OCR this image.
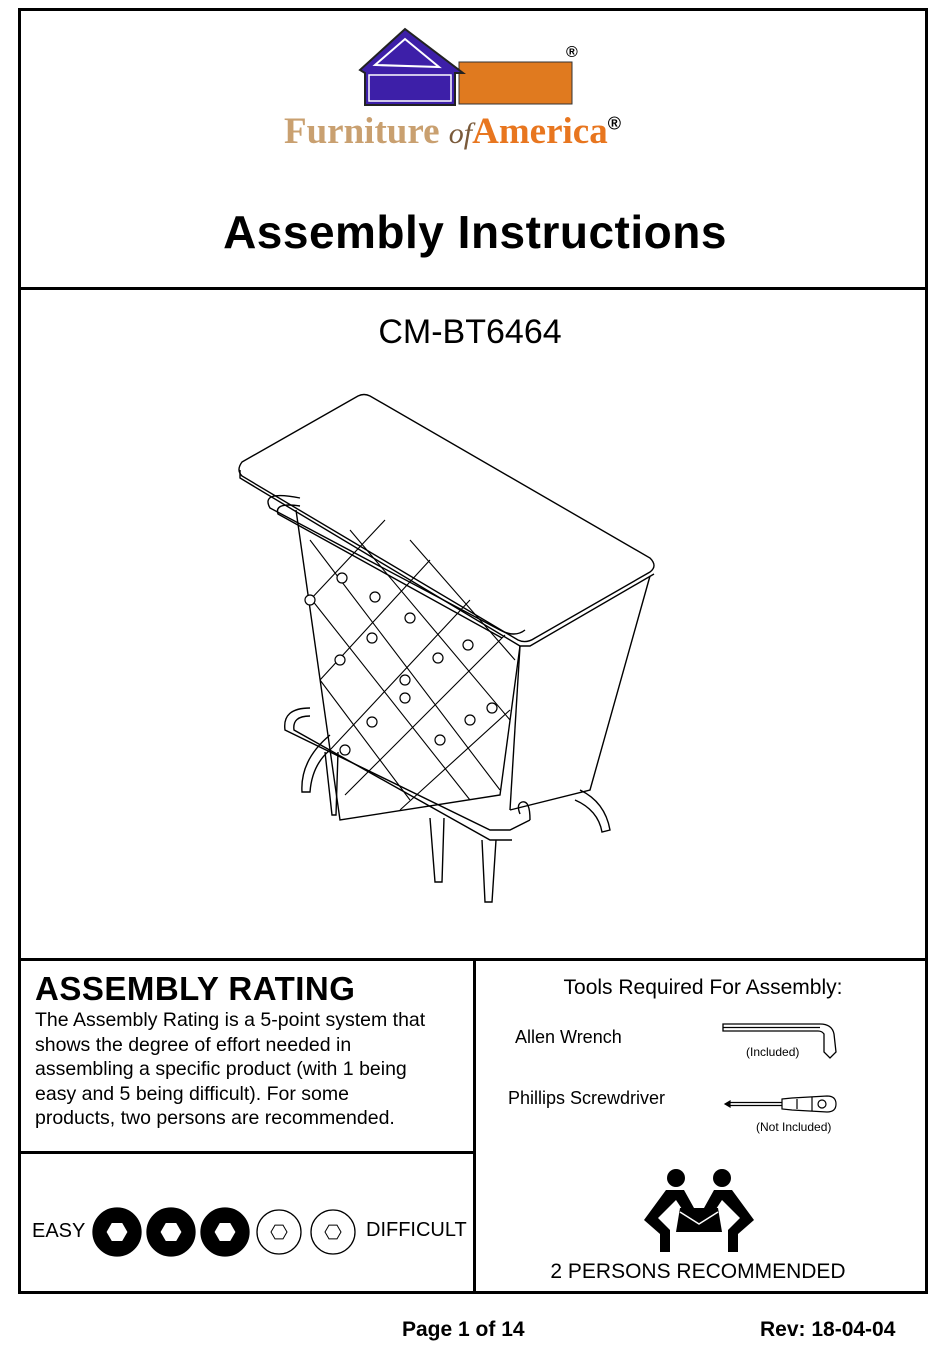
®
Furniture ofAmerica®
Assembly Instructions
CM-BT6464
ASSEMBLY RATING
The Assembly Rating is a 5-point system that
shows the degree of effort needed in
assembling a specific product (with 1 being
easy and 5 being difficult). For some
products, two persons are recommended.
EASY	DIFFICULT
Tools Required For Assembly:
Allen Wrench
(Included)
Phillips Screwdriver
(Not Included)
2 PERSONS RECOMMENDED
Page 1 of 14	Rev: 18-04-04
